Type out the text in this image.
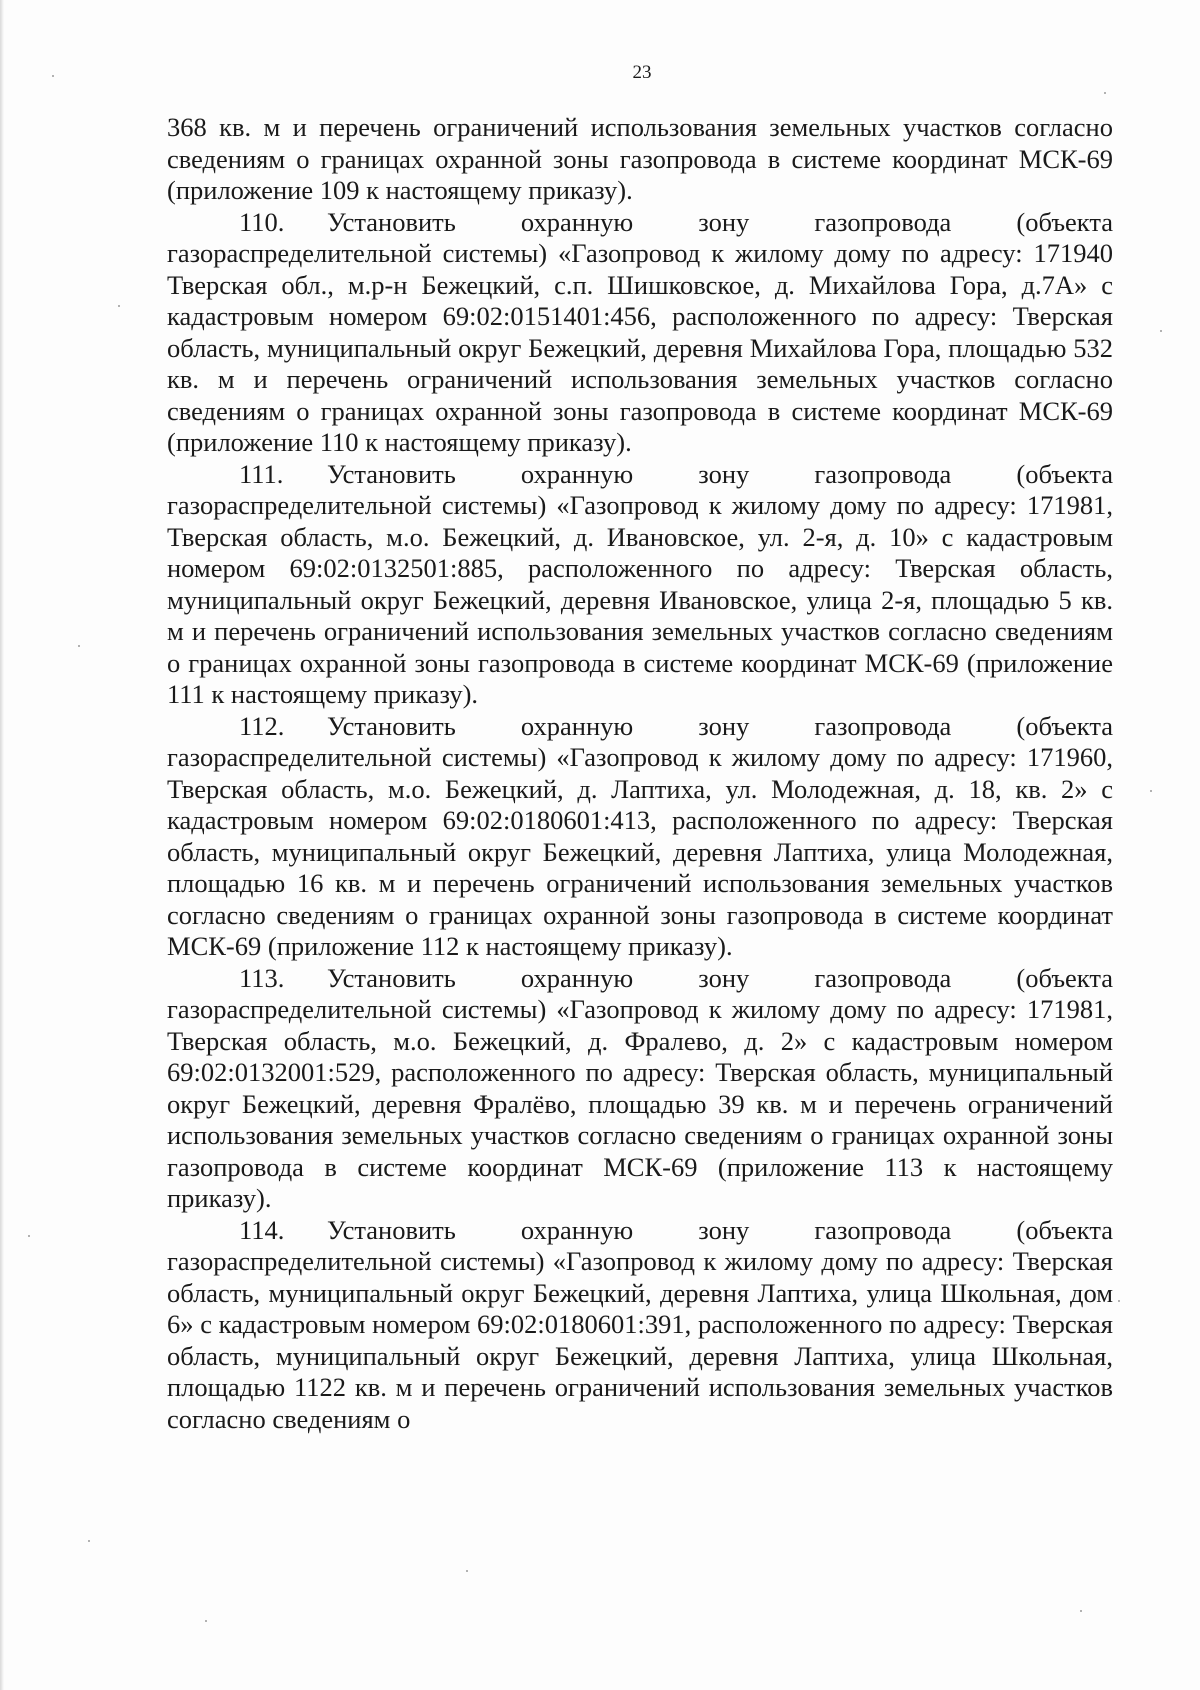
23

368 кв. м и перечень ограничений использования земельных участков согласно сведениям о границах охранной зоны газопровода в системе координат МСК-69 (приложение 109 к настоящему приказу).

110. Установить охранную зону газопровода (объекта газораспределительной системы) «Газопровод к жилому дому по адресу: 171940 Тверская обл., м.р-н Бежецкий, с.п. Шишковское, д. Михайлова Гора, д.7А» с кадастровым номером 69:02:0151401:456, расположенного по адресу: Тверская область, муниципальный округ Бежецкий, деревня Михайлова Гора, площадью 532 кв. м и перечень ограничений использования земельных участков согласно сведениям о границах охранной зоны газопровода в системе координат МСК-69 (приложение 110 к настоящему приказу).

111. Установить охранную зону газопровода (объекта газораспределительной системы) «Газопровод к жилому дому по адресу: 171981, Тверская область, м.о. Бежецкий, д. Ивановское, ул. 2-я, д. 10» с кадастровым номером 69:02:0132501:885, расположенного по адресу: Тверская область, муниципальный округ Бежецкий, деревня Ивановское, улица 2-я, площадью 5 кв. м и перечень ограничений использования земельных участков согласно сведениям о границах охранной зоны газопровода в системе координат МСК-69 (приложение 111 к настоящему приказу).

112. Установить охранную зону газопровода (объекта газораспределительной системы) «Газопровод к жилому дому по адресу: 171960, Тверская область, м.о. Бежецкий, д. Лаптиха, ул. Молодежная, д. 18, кв. 2» с кадастровым номером 69:02:0180601:413, расположенного по адресу: Тверская область, муниципальный округ Бежецкий, деревня Лаптиха, улица Молодежная, площадью 16 кв. м и перечень ограничений использования земельных участков согласно сведениям о границах охранной зоны газопровода в системе координат МСК-69 (приложение 112 к настоящему приказу).

113. Установить охранную зону газопровода (объекта газораспределительной системы) «Газопровод к жилому дому по адресу: 171981, Тверская область, м.о. Бежецкий, д. Фралево, д. 2» с кадастровым номером 69:02:0132001:529, расположенного по адресу: Тверская область, муниципальный округ Бежецкий, деревня Фралёво, площадью 39 кв. м и перечень ограничений использования земельных участков согласно сведениям о границах охранной зоны газопровода в системе координат МСК-69 (приложение 113 к настоящему приказу).

114. Установить охранную зону газопровода (объекта газораспределительной системы) «Газопровод к жилому дому по адресу: Тверская область, муниципальный округ Бежецкий, деревня Лаптиха, улица Школьная, дом 6» с кадастровым номером 69:02:0180601:391, расположенного по адресу: Тверская область, муниципальный округ Бежецкий, деревня Лаптиха, улица Школьная, площадью 1122 кв. м и перечень ограничений использования земельных участков согласно сведениям о
